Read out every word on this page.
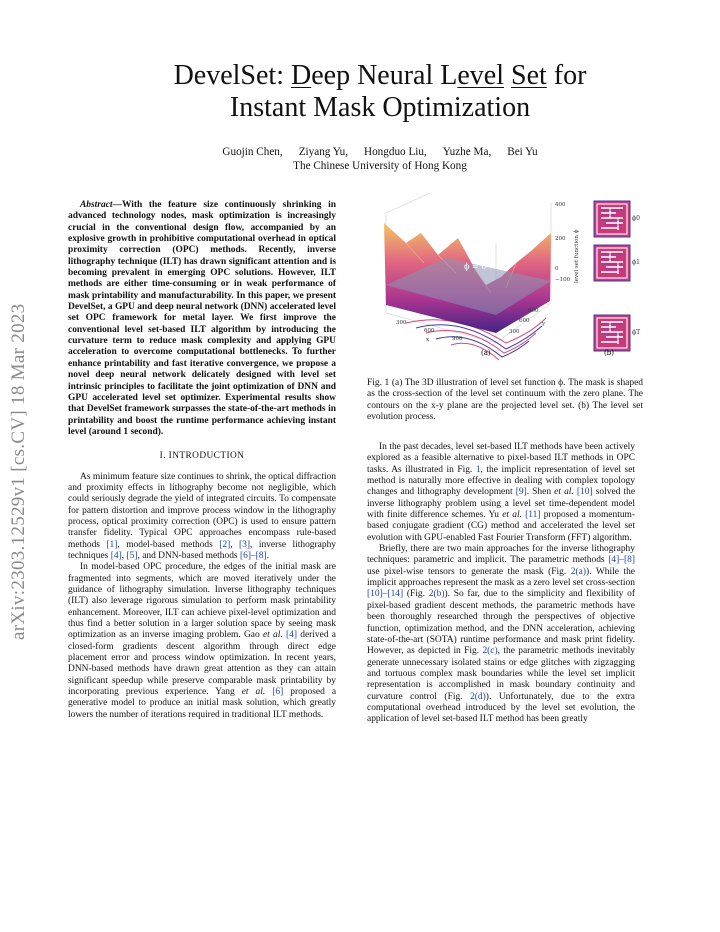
arXiv:2303.12529v1 [cs.CV] 18 Mar 2023
DevelSet: Deep Neural Level Set for
Instant Mask Optimization
Guojin Chen, Ziyang Yu, Hongduo Liu, Yuzhe Ma, Bei Yu
The Chinese University of Hong Kong

Abstract—With the feature size continuously shrinking in advanced technology nodes, mask optimization is increasingly crucial in the conventional design flow, accompanied by an explosive growth in prohibitive computational overhead in optical proximity correction (OPC) methods. Recently, inverse lithography technique (ILT) has drawn significant attention and is becoming prevalent in emerging OPC solutions. However, ILT methods are either time-consuming or in weak performance of mask printability and manufacturability. In this paper, we present DevelSet, a GPU and deep neural network (DNN) accelerated level set OPC framework for metal layer. We first improve the conventional level set-based ILT algorithm by introducing the curvature term to reduce mask complexity and applying GPU acceleration to overcome computational bottlenecks. To further enhance printability and fast iterative convergence, we propose a novel deep neural network delicately designed with level set intrinsic principles to facilitate the joint optimization of DNN and GPU accelerated level set optimizer. Experimental results show that DevelSet framework surpasses the state-of-the-art methods in printability and boost the runtime performance achieving instant level (around 1 second).

I. INTRODUCTION

As minimum feature size continues to shrink, the optical diffraction and proximity effects in lithography become not negligible, which could seriously degrade the yield of integrated circuits. To compensate for pattern distortion and improve process window in the lithography process, optical proximity correction (OPC) is used to ensure pattern transfer fidelity. Typical OPC approaches encompass rule-based methods [1], model-based methods [2], [3], inverse lithography techniques [4], [5], and DNN-based methods [6]–[8].

In model-based OPC procedure, the edges of the initial mask are fragmented into segments, which are moved iteratively under the guidance of lithography simulation. Inverse lithography techniques (ILT) also leverage rigorous simulation to perform mask printability enhancement. Moreover, ILT can achieve pixel-level optimization and thus find a better solution in a larger solution space by seeing mask optimization as an inverse imaging problem. Gao et al. [4] derived a closed-form gradients descent algorithm through direct edge placement error and process window optimization. In recent years, DNN-based methods have drawn great attention as they can attain significant speedup while preserve comparable mask printability by incorporating previous experience. Yang et al. [6] proposed a generative model to produce an initial mask solution, which greatly lowers the number of iterations required in traditional ILT methods.

ϕ = 0
400
200
0
−100 level set function ϕ
300
600
900
x
900
600
300
y
(a)
ϕ0
ϕ1
ϕT
(b)
Fig. 1 (a) The 3D illustration of level set function ϕ. The mask is shaped as the cross-section of the level set continuum with the zero plane. The contours on the x-y plane are the projected level set. (b) The level set evolution process.

In the past decades, level set-based ILT methods have been actively explored as a feasible alternative to pixel-based ILT methods in OPC tasks. As illustrated in Fig. 1, the implicit representation of level set method is naturally more effective in dealing with complex topology changes and lithography development [9]. Shen et al. [10] solved the inverse lithography problem using a level set time-dependent model with finite difference schemes. Yu et al. [11] proposed a momentum-based conjugate gradient (CG) method and accelerated the level set evolution with GPU-enabled Fast Fourier Transform (FFT) algorithm.

Briefly, there are two main approaches for the inverse lithography techniques: parametric and implicit. The parametric methods [4]–[8] use pixel-wise tensors to generate the mask (Fig. 2(a)). While the implicit approaches represent the mask as a zero level set cross-section [10]–[14] (Fig. 2(b)). So far, due to the simplicity and flexibility of pixel-based gradient descent methods, the parametric methods have been thoroughly researched through the perspectives of objective function, optimization method, and the DNN acceleration, achieving state-of-the-art (SOTA) runtime performance and mask print fidelity. However, as depicted in Fig. 2(c), the parametric methods inevitably generate unnecessary isolated stains or edge glitches with zigzagging and tortuous complex mask boundaries while the level set implicit representation is accomplished in mask boundary continuity and curvature control (Fig. 2(d)). Unfortunately, due to the extra computational overhead introduced by the level set evolution, the application of level set-based ILT method has been greatly
